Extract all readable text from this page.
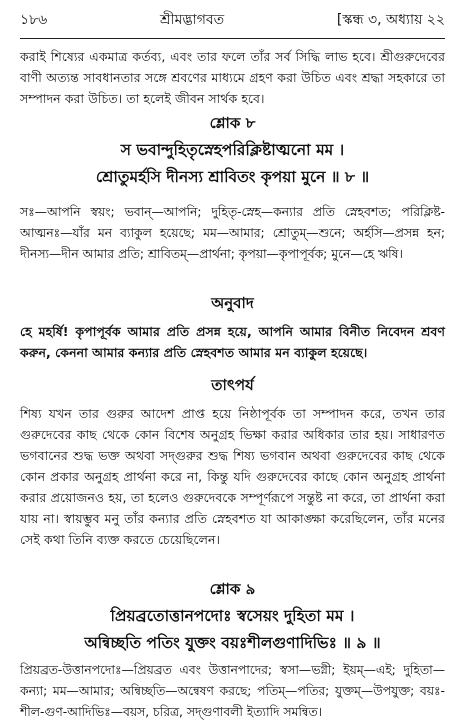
১৮৬	শ্রীমদ্ভাগবত	[স্কন্ধ ৩, অধ্যায় ২২

করাই শিষ্যের একমাত্র কর্তব্য, এবং তার ফলে তাঁর সর্ব সিদ্ধি লাভ হবে। শ্রীগুরুদেবের বাণী অত্যন্ত সাবধানতার সঙ্গে শ্রবণের মাধ্যমে গ্রহণ করা উচিত এবং শ্রদ্ধা সহকারে তা সম্পাদন করা উচিত। তা হলেই জীবন সার্থক হবে।

শ্লোক ৮
স ভবান্দুহিতৃস্নেহপরিক্লিষ্টাত্মনো মম ।
শ্রোতুমর্হসি দীনস্য শ্রাবিতং কৃপয়া মুনে ॥ ৮ ॥

সঃ—আপনি স্বয়ং; ভবান্—আপনি; দুহিতৃ-স্নেহ—কন্যার প্রতি স্নেহবশত; পরিক্লিষ্ট-আত্মনঃ—যাঁর মন ব্যাকুল হয়েছে; মম—আমার; শ্রোতুম্—শুনে; অর্হসি—প্রসন্ন হন; দীনস্য—দীন আমার প্রতি; শ্রাবিতম্—প্রার্থনা; কৃপয়া—কৃপাপূর্বক; মুনে—হে ঋষি।

অনুবাদ

হে মহর্ষি! কৃপাপূর্বক আমার প্রতি প্রসন্ন হয়ে, আপনি আমার বিনীত নিবেদন শ্রবণ করুন, কেননা আমার কন্যার প্রতি স্নেহবশত আমার মন ব্যাকুল হয়েছে।

তাৎপর্য

শিষ্য যখন তার গুরুর আদেশ প্রাপ্ত হয়ে নিষ্ঠাপূর্বক তা সম্পাদন করে, তখন তার গুরুদেবের কাছ থেকে কোন বিশেষ অনুগ্রহ ভিক্ষা করার অধিকার তার হয়। সাধারণত ভগবানের শুদ্ধ ভক্ত অথবা সদ্গুরুর শুদ্ধ শিষ্য ভগবান অথবা গুরুদেবের কাছ থেকে কোন প্রকার অনুগ্রহ প্রার্থনা করে না, কিন্তু যদি গুরুদেবের কাছে কোন অনুগ্রহ প্রার্থনা করার প্রয়োজনও হয়, তা হলেও গুরুদেবকে সম্পূর্ণরূপে সন্তুষ্ট না করে, তা প্রার্থনা করা যায় না। স্বায়ম্ভুব মনু তাঁর কন্যার প্রতি স্নেহবশত যা আকাঙ্ক্ষা করেছিলেন, তাঁর মনের সেই কথা তিনি ব্যক্ত করতে চেয়েছিলেন।

শ্লোক ৯
প্রিয়ব্রতোত্তানপদোঃ স্বসেয়ং দুহিতা মম ।
অন্বিচ্ছতি পতিং যুক্তং বয়ঃশীলগুণাদিভিঃ ॥ ৯ ॥

প্রিয়ব্রত-উত্তানপদোঃ—প্রিয়ব্রত এবং উত্তানপাদের; স্বসা—ভগ্নী; ইয়ম্—এই; দুহিতা—কন্যা; মম—আমার; অন্বিচ্ছতি—অন্বেষণ করছে; পতিম্—পতির; যুক্তম্—উপযুক্ত; বয়ঃ-শীল-গুণ-আদিভিঃ—বয়স, চরিত্র, সদ্গুণাবলী ইত্যাদি সমন্বিত।
